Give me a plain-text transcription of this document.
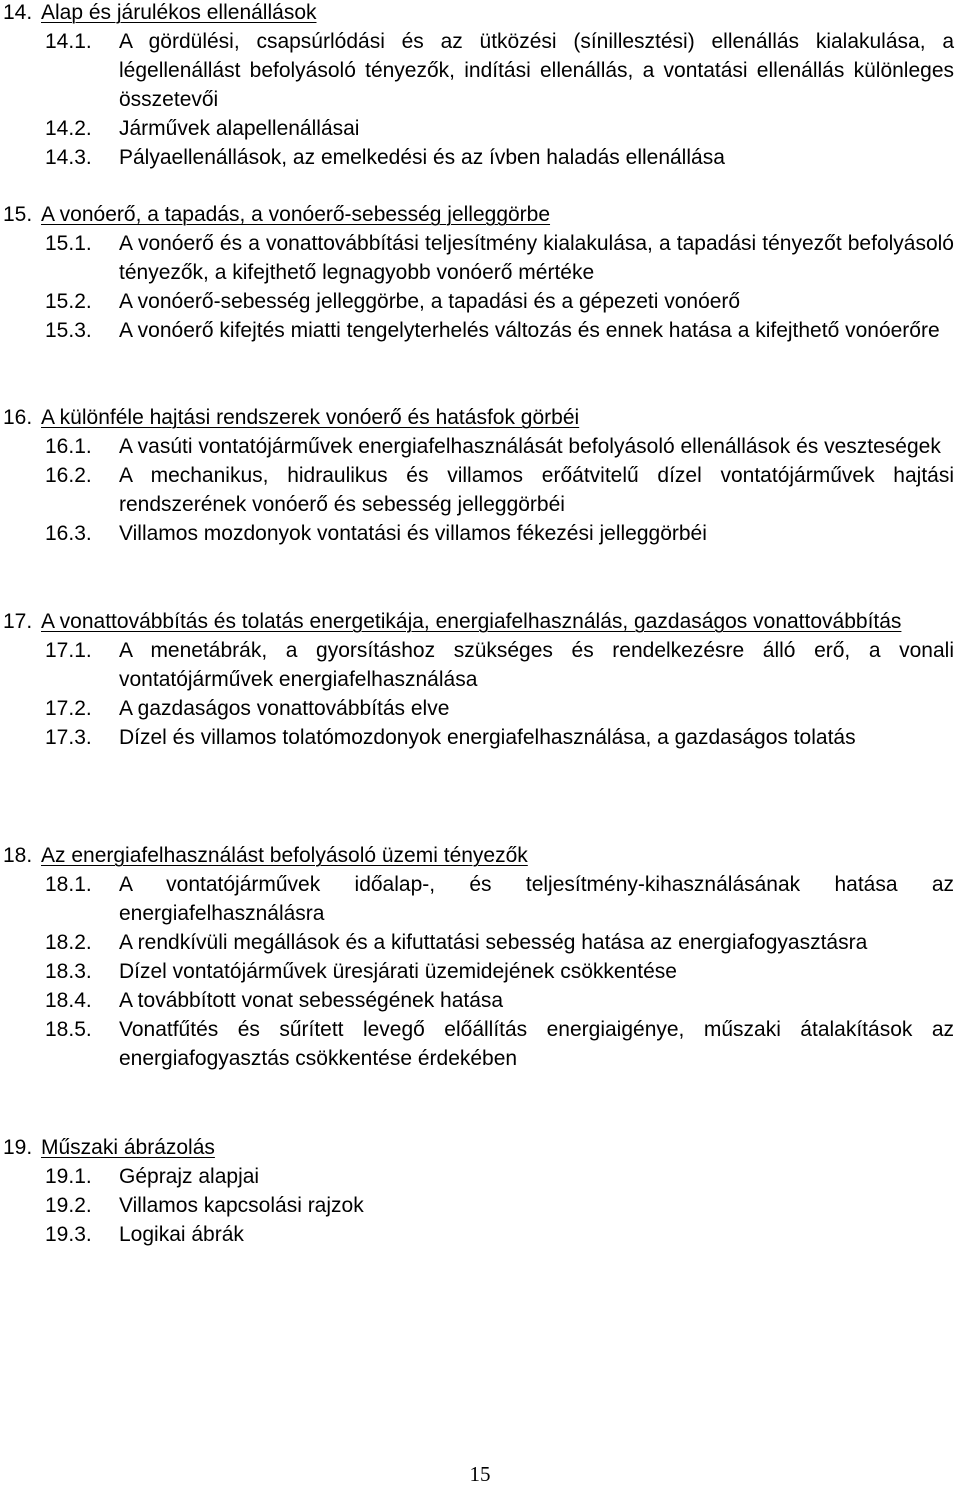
14. Alap és járulékos ellenállások
14.1.	A gördülési, csapsúrlódási és az ütközési (sínillesztési) ellenállás kialakulása, a légellenállást befolyásoló tényezők, indítási ellenállás, a vontatási ellenállás különleges összetevői
14.2.	Járművek alapellenállásai
14.3.	Pályaellenállások, az emelkedési és az ívben haladás ellenállása
15. A vonóerő, a tapadás, a vonóerő-sebesség jelleggörbe
15.1.	A vonóerő és a vonattovábbítási teljesítmény kialakulása, a tapadási tényezőt befolyásoló tényezők, a kifejthető legnagyobb vonóerő mértéke
15.2.	A vonóerő-sebesség jelleggörbe, a tapadási és a gépezeti vonóerő
15.3.	A vonóerő kifejtés miatti tengelyterhelés változás és ennek hatása a kifejthető vonóerőre
16. A különféle hajtási rendszerek vonóerő és hatásfok görbéi
16.1.	A vasúti vontatójárművek energiafelhasználását befolyásoló ellenállások és veszteségek
16.2.	A mechanikus, hidraulikus és villamos erőátvitelű dízel vontatójárművek hajtási rendszerének vonóerő és sebesség jelleggörbéi
16.3.	Villamos mozdonyok vontatási és villamos fékezési jelleggörbéi
17. A vonattovábbítás és tolatás energetikája, energiafelhasználás, gazdaságos vonattovábbítás
17.1.	A menetábrák, a gyorsításhoz szükséges és rendelkezésre álló erő, a vonali vontatójárművek energiafelhasználása
17.2.	A gazdaságos vonattovábbítás elve
17.3.	Dízel és villamos tolatómozdonyok energiafelhasználása, a gazdaságos tolatás
18. Az energiafelhasználást befolyásoló üzemi tényezők
18.1.	A vontatójárművek időalap-, és teljesítmény-kihasználásának hatása az energiafelhasználásra
18.2.	A rendkívüli megállások és a kifuttatási sebesség hatása az energiafogyasztásra
18.3.	Dízel vontatójárművek üresjárati üzemidejének csökkentése
18.4.	A továbbított vonat sebességének hatása
18.5.	Vonatfűtés és sűrített levegő előállítás energiaigénye, műszaki átalakítások az energiafogyasztás csökkentése érdekében
19. Műszaki ábrázolás
19.1.	Géprajz alapjai
19.2.	Villamos kapcsolási rajzok
19.3.	Logikai ábrák
15
